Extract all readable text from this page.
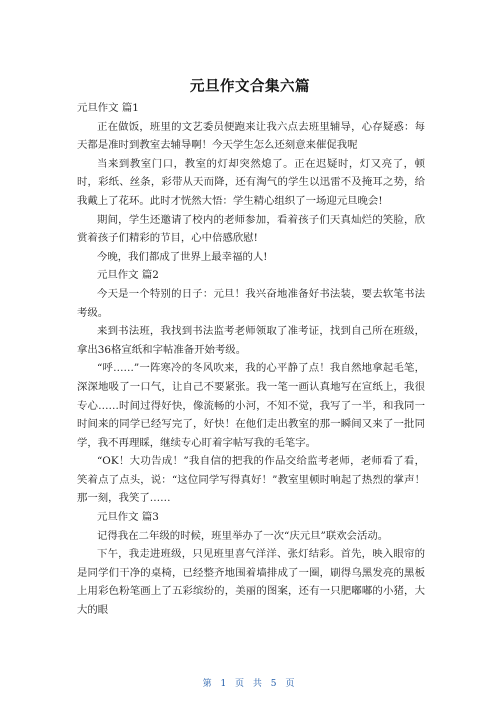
元旦作文合集六篇

元旦作文 篇1

正在做饭，班里的文艺委员便跑来让我六点去班里辅导，心存疑惑：每天都是准时到教室去辅导啊！今天学生怎么还刻意来催促我呢

当来到教室门口，教室的灯却突然熄了。正在迟疑时，灯又亮了，顿时，彩纸、丝条，彩带从天而降，还有淘气的学生以迅雷不及掩耳之势，给我戴上了花环。此时才恍然大悟：学生精心组织了一场迎元旦晚会!

期间，学生还邀请了校内的老师参加，看着孩子们天真灿烂的笑脸，欣赏着孩子们精彩的节目，心中倍感欣慰!

今晚，我们都成了世界上最幸福的人!

元旦作文 篇2

今天是一个特别的日子：元旦！我兴奋地准备好书法装，要去软笔书法考级。

来到书法班，我找到书法监考老师领取了准考证，找到自己所在班级，拿出36格宣纸和字帖准备开始考级。

“呼……”一阵寒冷的冬风吹来，我的心平静了点！我自然地拿起毛笔，深深地吸了一口气，让自己不要紧张。我一笔一画认真地写在宣纸上，我很专心……时间过得好快，像流畅的小河，不知不觉，我写了一半，和我同一时间来的同学已经写完了，好快！在他们走出教室的那一瞬间又来了一批同学，我不再理睬，继续专心盯着字帖写我的毛笔字。

“OK！大功告成！”我自信的把我的作品交给监考老师，老师看了看，笑着点了点头，说：“这位同学写得真好！”教室里顿时响起了热烈的掌声！那一刻，我笑了……

元旦作文 篇3

记得我在二年级的时候，班里举办了一次“庆元旦”联欢会活动。

下午，我走进班级，只见班里喜气洋洋、张灯结彩。首先，映入眼帘的是同学们干净的桌椅，已经整齐地围着墙排成了一圈，刷得乌黑发亮的黑板上用彩色粉笔画上了五彩缤纷的，美丽的图案，还有一只肥嘟嘟的小猪，大大的眼

第 1 页 共 5 页
